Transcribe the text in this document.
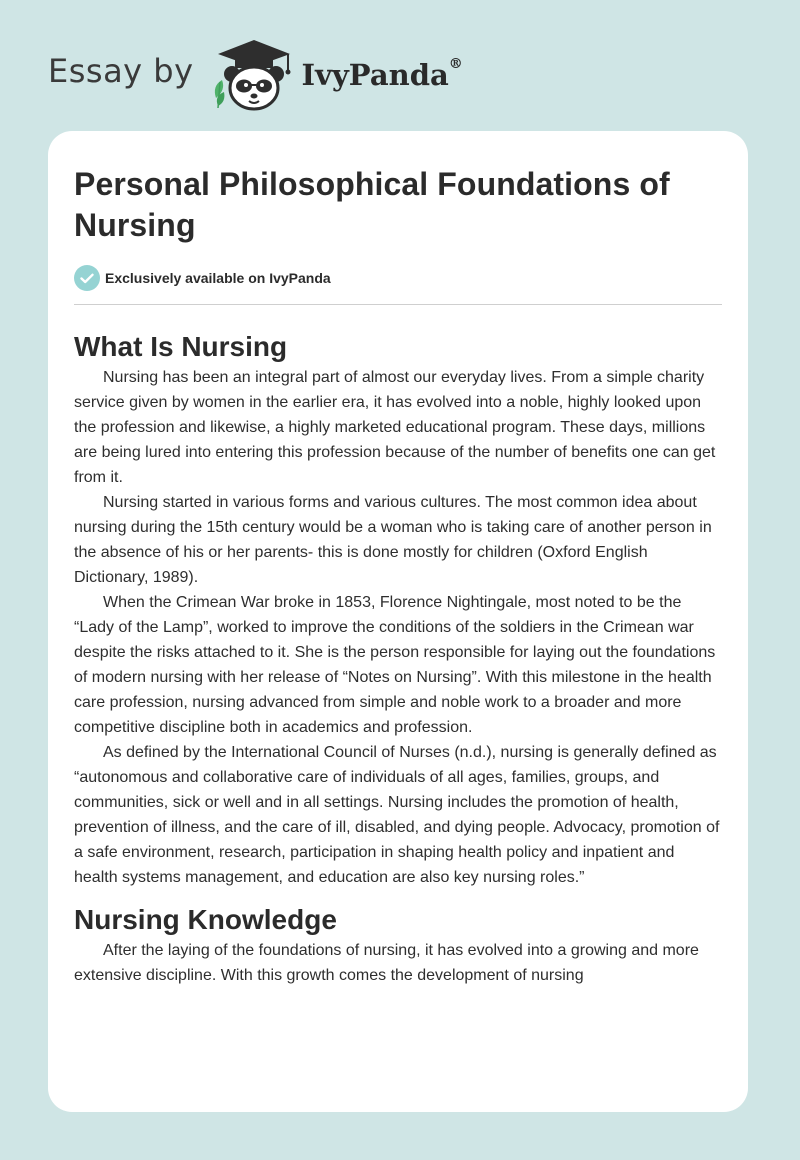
Essay by	IvyPanda®
Personal Philosophical Foundations of Nursing
Exclusively available on IvyPanda
What Is Nursing

Nursing has been an integral part of almost our everyday lives. From a simple charity service given by women in the earlier era, it has evolved into a noble, highly looked upon the profession and likewise, a highly marketed educational program. These days, millions are being lured into entering this profession because of the number of benefits one can get from it.

Nursing started in various forms and various cultures. The most common idea about nursing during the 15th century would be a woman who is taking care of another person in the absence of his or her parents- this is done mostly for children (Oxford English Dictionary, 1989).

When the Crimean War broke in 1853, Florence Nightingale, most noted to be the “Lady of the Lamp”, worked to improve the conditions of the soldiers in the Crimean war despite the risks attached to it. She is the person responsible for laying out the foundations of modern nursing with her release of “Notes on Nursing”. With this milestone in the health care profession, nursing advanced from simple and noble work to a broader and more competitive discipline both in academics and profession.

As defined by the International Council of Nurses (n.d.), nursing is generally defined as “autonomous and collaborative care of individuals of all ages, families, groups, and communities, sick or well and in all settings. Nursing includes the promotion of health, prevention of illness, and the care of ill, disabled, and dying people. Advocacy, promotion of a safe environment, research, participation in shaping health policy and inpatient and health systems management, and education are also key nursing roles.”

Nursing Knowledge

After the laying of the foundations of nursing, it has evolved into a growing and more extensive discipline. With this growth comes the development of nursing
